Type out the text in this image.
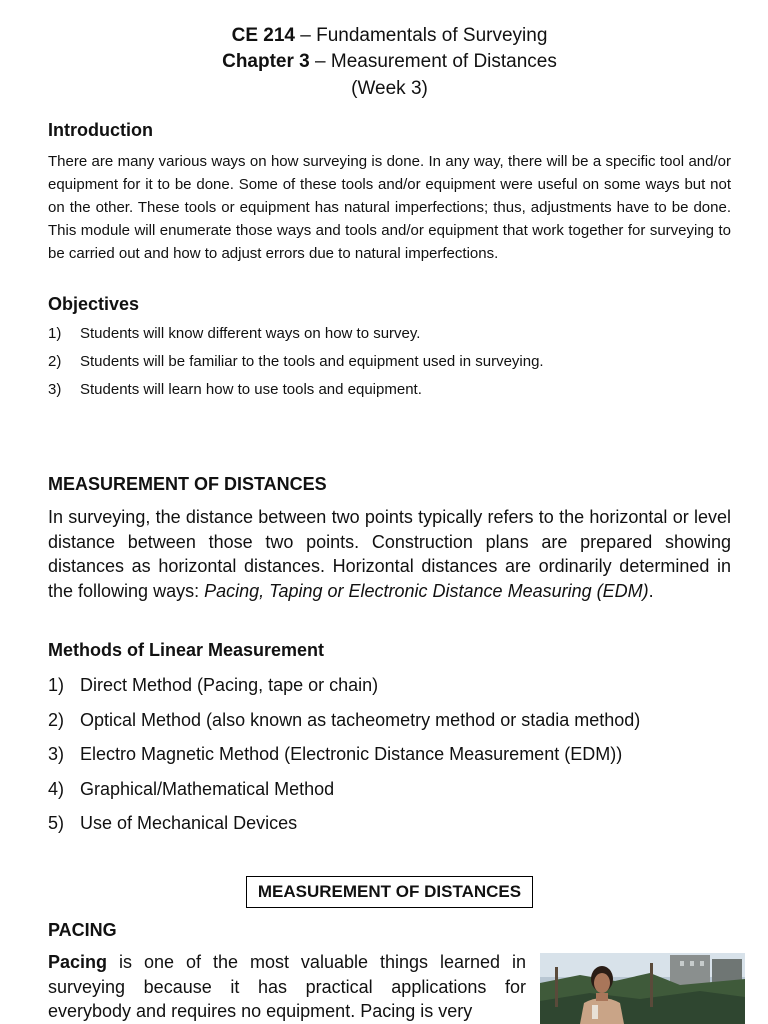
CE 214 – Fundamentals of Surveying
Chapter 3 – Measurement of Distances
(Week 3)
Introduction
There are many various ways on how surveying is done. In any way, there will be a specific tool and/or equipment for it to be done. Some of these tools and/or equipment were useful on some ways but not on the other. These tools or equipment has natural imperfections; thus, adjustments have to be done. This module will enumerate those ways and tools and/or equipment that work together for surveying to be carried out and how to adjust errors due to natural imperfections.
Objectives
1) Students will know different ways on how to survey.
2) Students will be familiar to the tools and equipment used in surveying.
3) Students will learn how to use tools and equipment.
MEASUREMENT OF DISTANCES
In surveying, the distance between two points typically refers to the horizontal or level distance between those two points. Construction plans are prepared showing distances as horizontal distances. Horizontal distances are ordinarily determined in the following ways: Pacing, Taping or Electronic Distance Measuring (EDM).
Methods of Linear Measurement
1) Direct Method (Pacing, tape or chain)
2) Optical Method (also known as tacheometry method or stadia method)
3) Electro Magnetic Method (Electronic Distance Measurement (EDM))
4) Graphical/Mathematical Method
5) Use of Mechanical Devices
MEASUREMENT OF DISTANCES
PACING
Pacing is one of the most valuable things learned in surveying because it has practical applications for everybody and requires no equipment. Pacing is very
